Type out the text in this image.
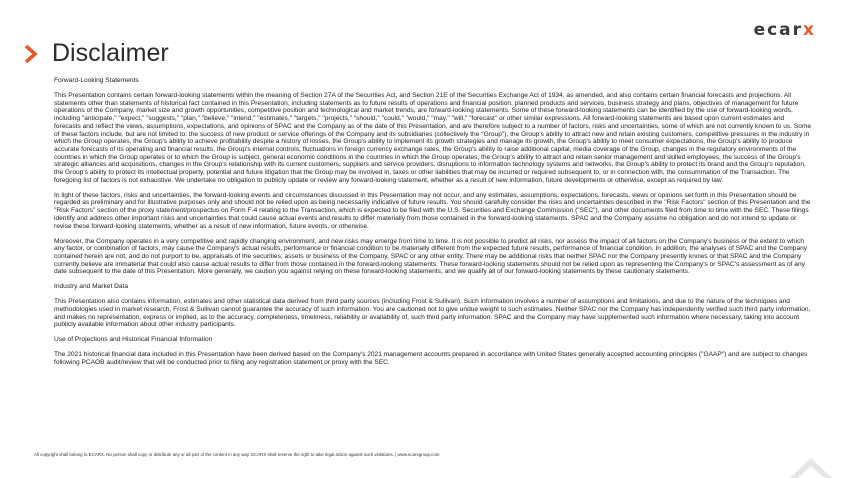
ecarx
Disclaimer

Forward-Looking Statements

This Presentation contains certain forward-looking statements within the meaning of Section 27A of the Securities Act, and Section 21E of the Securities Exchange Act of 1934, as amended, and also contains certain financial forecasts and projections. All statements other than statements of historical fact contained in this Presentation, including statements as to future results of operations and financial position, planned products and services, business strategy and plans, objectives of management for future operations of the Company, market size and growth opportunities, competitive position and technological and market trends, are forward-looking statements. Some of these forward-looking statements can be identified by the use of forward-looking words, including "anticipate," "expect," "suggests," "plan," "believe," "intend," "estimates," "targets," "projects," "should," "could," "would," "may," "will," "forecast" or other similar expressions. All forward-looking statements are based upon current estimates and forecasts and reflect the views, assumptions, expectations, and opinions of SPAC and the Company as of the date of this Presentation, and are therefore subject to a number of factors, risks and uncertainties, some of which are not currently known to us. Some of these factors include, but are not limited to: the success of new product or service offerings of the Company and its subsidiaries (collectively the "Group"), the Group's ability to attract new and retain existing customers, competitive pressures in the industry in which the Group operates, the Group's ability to achieve profitability despite a history of losses, the Group's ability to implement its growth strategies and manage its growth, the Group's ability to meet consumer expectations, the Group's ability to produce accurate forecasts of its operating and financial results, the Group's internal controls, fluctuations in foreign currency exchange rates, the Group's ability to raise additional capital, media coverage of the Group, changes in the regulatory environments of the countries in which the Group operates or to which the Group is subject, general economic conditions in the countries in which the Group operates, the Group's ability to attract and retain senior management and skilled employees, the success of the Group's strategic alliances and acquisitions, changes in the Group's relationship with its current customers, suppliers and service providers, disruptions to information technology systems and networks, the Group's ability to protect its brand and the Group's reputation, the Group's ability to protect its intellectual property, potential and future litigation that the Group may be involved in, taxes or other liabilities that may be incurred or required subsequent to, or in connection with, the consummation of the Transaction. The foregoing list of factors is not exhaustive. We undertake no obligation to publicly update or review any forward-looking statement, whether as a result of new information, future developments or otherwise, except as required by law.

In light of these factors, risks and uncertainties, the forward-looking events and circumstances discussed in this Presentation may not occur, and any estimates, assumptions, expectations, forecasts, views or opinions set forth in this Presentation should be regarded as preliminary and for illustrative purposes only and should not be relied upon as being necessarily indicative of future results. You should carefully consider the risks and uncertainties described in the "Risk Factors" section of this Presentation and the "Risk Factors" section of the proxy statement/prospectus on Form F-4 relating to the Transaction, which is expected to be filed with the U.S. Securities and Exchange Commission ("SEC"), and other documents filed from time to time with the SEC. These filings identify and address other important risks and uncertainties that could cause actual events and results to differ materially from those contained in the forward-looking statements. SPAC and the Company assume no obligation and do not intend to update or revise these forward-looking statements, whether as a result of new information, future events, or otherwise.

Moreover, the Company operates in a very competitive and rapidly changing environment, and new risks may emerge from time to time. It is not possible to predict all risks, nor assess the impact of all factors on the Company's business or the extent to which any factor, or combination of factors, may cause the Company's actual results, performance or financial condition to be materially different from the expected future results, performance of financial condition. In addition, the analyses of SPAC and the Company contained herein are not, and do not purport to be, appraisals of the securities, assets or business of the Company, SPAC or any other entity. There may be additional risks that neither SPAC nor the Company presently knows or that SPAC and the Company currently believe are immaterial that could also cause actual results to differ from those contained in the forward-looking statements. These forward-looking statements should not be relied upon as representing the Company's or SPAC's assessment as of any date subsequent to the date of this Presentation. More generally, we caution you against relying on these forward-looking statements, and we qualify all of our forward-looking statements by these cautionary statements.

Industry and Market Data

This Presentation also contains information, estimates and other statistical data derived from third party sources (including Frost & Sullivan). Such information involves a number of assumptions and limitations, and due to the nature of the techniques and methodologies used in market research, Frost & Sullivan cannot guarantee the accuracy of such information. You are cautioned not to give undue weight to such estimates. Neither SPAC nor the Company has independently verified such third party information, and makes no representation, express or implied, as to the accuracy, completeness, timeliness, reliability or availability of, such third party information. SPAC and the Company may have supplemented such information where necessary, taking into account publicly available information about other industry participants.

Use of Projections and Historical Financial Information

The 2021 historical financial data included in this Presentation have been derived based on the Company's 2021 management accounts prepared in accordance with United States generally accepted accounting principles ("GAAP") and are subject to changes following PCAOB audit/review that will be conducted prior to filing any registration statement or proxy with the SEC.

All copyright shall belong to ECARX. No person shall copy or distribute any or all part of the content in any way. ECARX shall reserve the right to take legal action against such violations. | www.ecarxgroup.com
